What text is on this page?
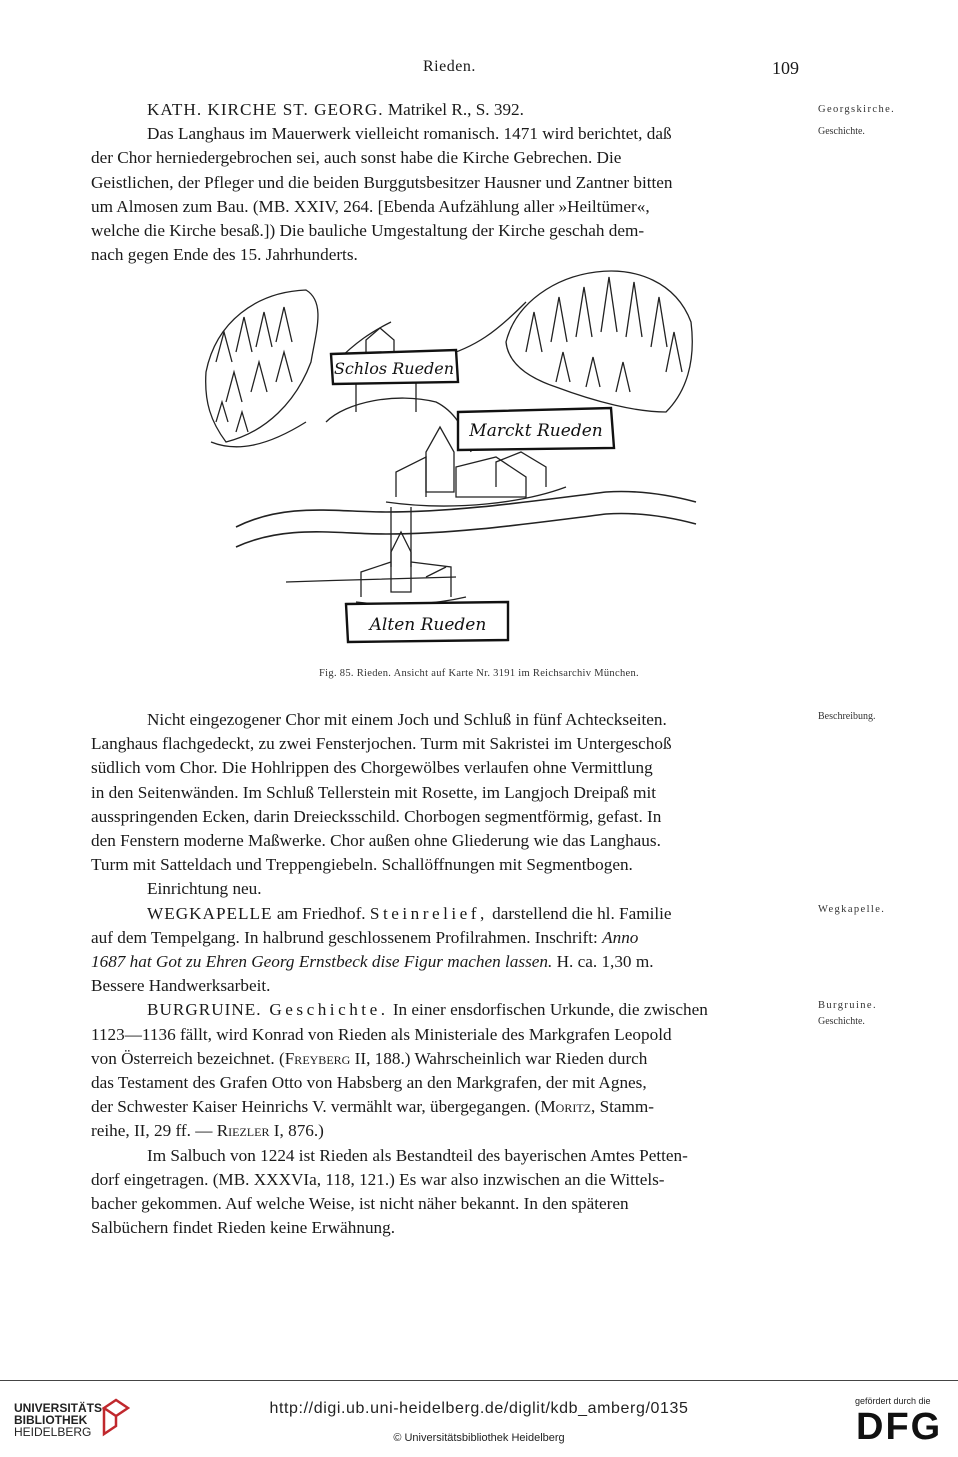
Rieden.	109

KATH. KIRCHE ST. GEORG. Matrikel R., S. 392.

Das Langhaus im Mauerwerk vielleicht romanisch. 1471 wird berichtet, daß

der Chor herniedergebrochen sei, auch sonst habe die Kirche Gebrechen. Die

Geistlichen, der Pfleger und die beiden Burggutsbesitzer Hausner und Zantner bitten

um Almosen zum Bau. (MB. XXIV, 264. [Ebenda Aufzählung aller »Heiltümer«,

welche die Kirche besaß.]) Die bauliche Umgestaltung der Kirche geschah dem-

nach gegen Ende des 15. Jahrhunderts.

Georgskirche.
Geschichte.
Schlos Rueden
Marckt Rueden
Alten Rueden
Fig. 85. Rieden. Ansicht auf Karte Nr. 3191 im Reichsarchiv München.

Nicht eingezogener Chor mit einem Joch und Schluß in fünf Achteckseiten.

Langhaus flachgedeckt, zu zwei Fensterjochen. Turm mit Sakristei im Untergeschoß

südlich vom Chor. Die Hohlrippen des Chorgewölbes verlaufen ohne Vermittlung

in den Seitenwänden. Im Schluß Tellerstein mit Rosette, im Langjoch Dreipaß mit

ausspringenden Ecken, darin Dreiecksschild. Chorbogen segmentförmig, gefast. In

den Fenstern moderne Maßwerke. Chor außen ohne Gliederung wie das Langhaus.

Turm mit Satteldach und Treppengiebeln. Schallöffnungen mit Segmentbogen.

Einrichtung neu.

WEGKAPELLE am Friedhof. Steinrelief, darstellend die hl. Familie

auf dem Tempelgang. In halbrund geschlossenem Profilrahmen. Inschrift: Anno

1687 hat Got zu Ehren Georg Ernstbeck dise Figur machen lassen. H. ca. 1,30 m.

Bessere Handwerksarbeit.

BURGRUINE. Geschichte. In einer ensdorfischen Urkunde, die zwischen

1123—1136 fällt, wird Konrad von Rieden als Ministeriale des Markgrafen Leopold

von Österreich bezeichnet. (Freyberg II, 188.) Wahrscheinlich war Rieden durch

das Testament des Grafen Otto von Habsberg an den Markgrafen, der mit Agnes,

der Schwester Kaiser Heinrichs V. vermählt war, übergegangen. (Moritz, Stamm-

reihe, II, 29 ff. — Riezler I, 876.)

Im Salbuch von 1224 ist Rieden als Bestandteil des bayerischen Amtes Petten-

dorf eingetragen. (MB. XXXVIa, 118, 121.) Es war also inzwischen an die Wittels-

bacher gekommen. Auf welche Weise, ist nicht näher bekannt. In den späteren

Salbüchern findet Rieden keine Erwähnung.

Beschreibung.
Wegkapelle.
Burgruine.
Geschichte.
UNIVERSITÄTS-
BIBLIOTHEK
HEIDELBERG
http://digi.ub.uni-heidelberg.de/diglit/kdb_amberg/0135
© Universitätsbibliothek Heidelberg
gefördert durch die
DFG
